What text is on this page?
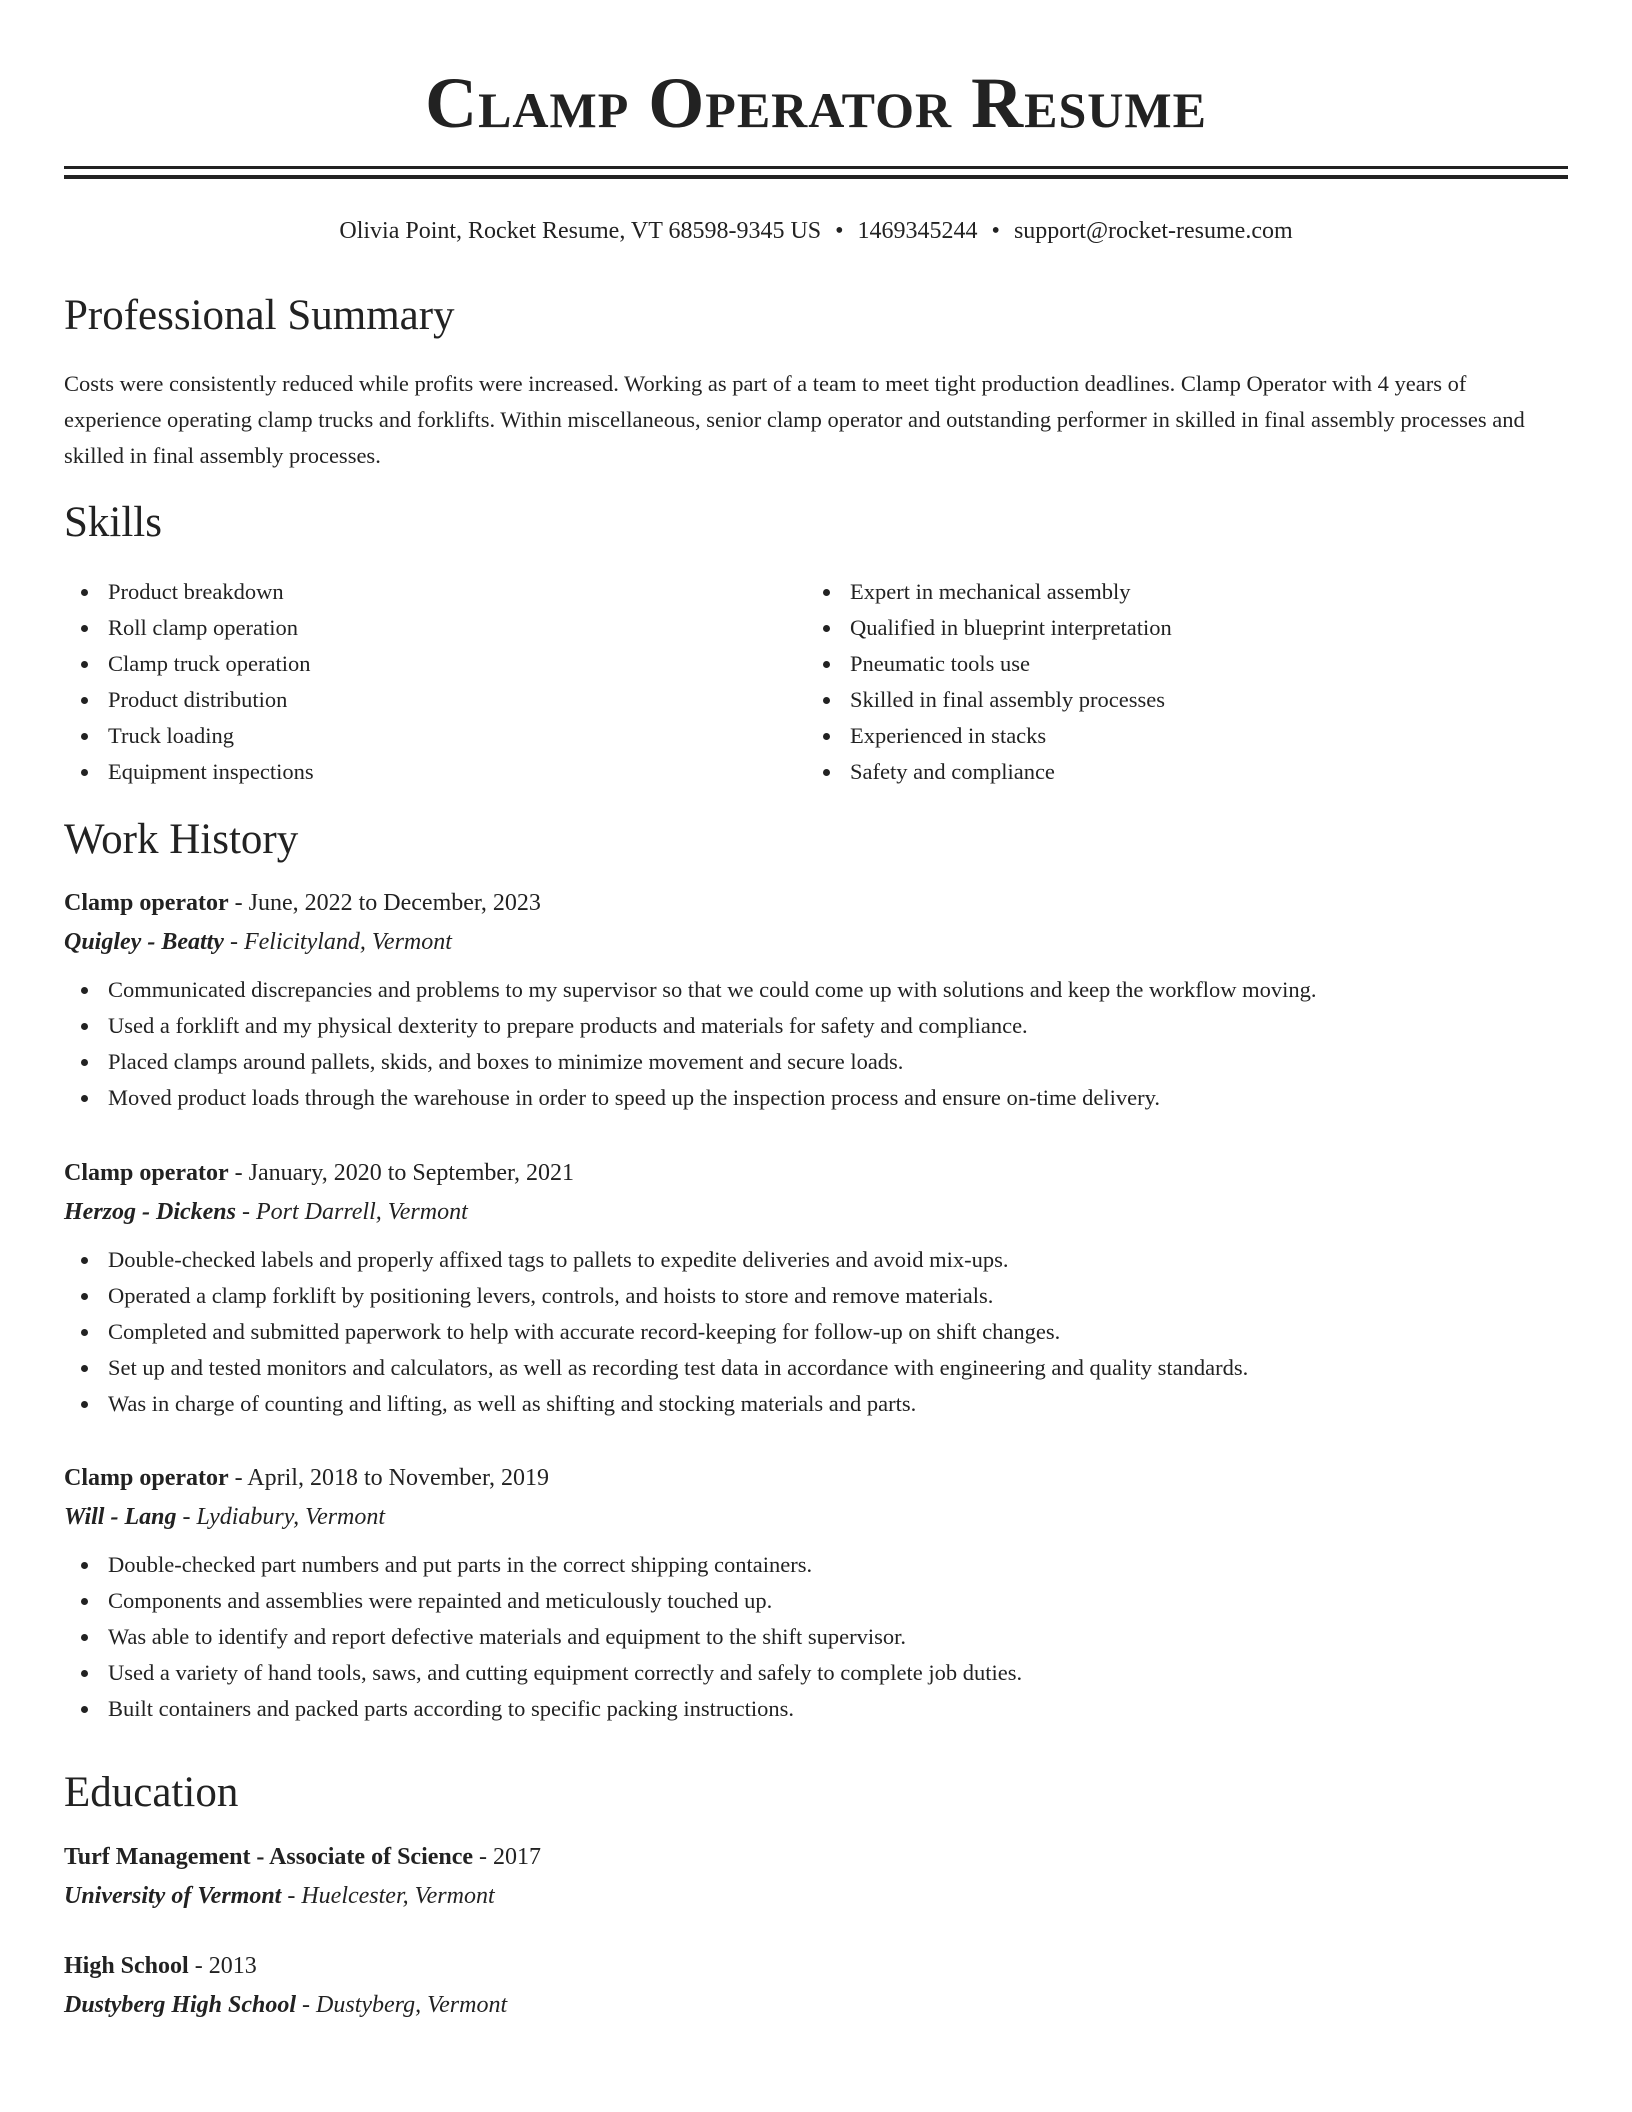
Clamp Operator Resume
Olivia Point, Rocket Resume, VT 68598-9345 US • 1469345244 • support@rocket-resume.com
Professional Summary

Costs were consistently reduced while profits were increased. Working as part of a team to meet tight production deadlines. Clamp Operator with 4 years of experience operating clamp trucks and forklifts. Within miscellaneous, senior clamp operator and outstanding performer in skilled in final assembly processes and skilled in final assembly processes.

Skills
Product breakdown
Roll clamp operation
Clamp truck operation
Product distribution
Truck loading
Equipment inspections
Expert in mechanical assembly
Qualified in blueprint interpretation
Pneumatic tools use
Skilled in final assembly processes
Experienced in stacks
Safety and compliance
Work History
Clamp operator - June, 2022 to December, 2023
Quigley - Beatty - Felicityland, Vermont
Communicated discrepancies and problems to my supervisor so that we could come up with solutions and keep the workflow moving.
Used a forklift and my physical dexterity to prepare products and materials for safety and compliance.
Placed clamps around pallets, skids, and boxes to minimize movement and secure loads.
Moved product loads through the warehouse in order to speed up the inspection process and ensure on-time delivery.
Clamp operator - January, 2020 to September, 2021
Herzog - Dickens - Port Darrell, Vermont
Double-checked labels and properly affixed tags to pallets to expedite deliveries and avoid mix-ups.
Operated a clamp forklift by positioning levers, controls, and hoists to store and remove materials.
Completed and submitted paperwork to help with accurate record-keeping for follow-up on shift changes.
Set up and tested monitors and calculators, as well as recording test data in accordance with engineering and quality standards.
Was in charge of counting and lifting, as well as shifting and stocking materials and parts.
Clamp operator - April, 2018 to November, 2019
Will - Lang - Lydiabury, Vermont
Double-checked part numbers and put parts in the correct shipping containers.
Components and assemblies were repainted and meticulously touched up.
Was able to identify and report defective materials and equipment to the shift supervisor.
Used a variety of hand tools, saws, and cutting equipment correctly and safely to complete job duties.
Built containers and packed parts according to specific packing instructions.
Education
Turf Management - Associate of Science - 2017
University of Vermont - Huelcester, Vermont
High School - 2013
Dustyberg High School - Dustyberg, Vermont
